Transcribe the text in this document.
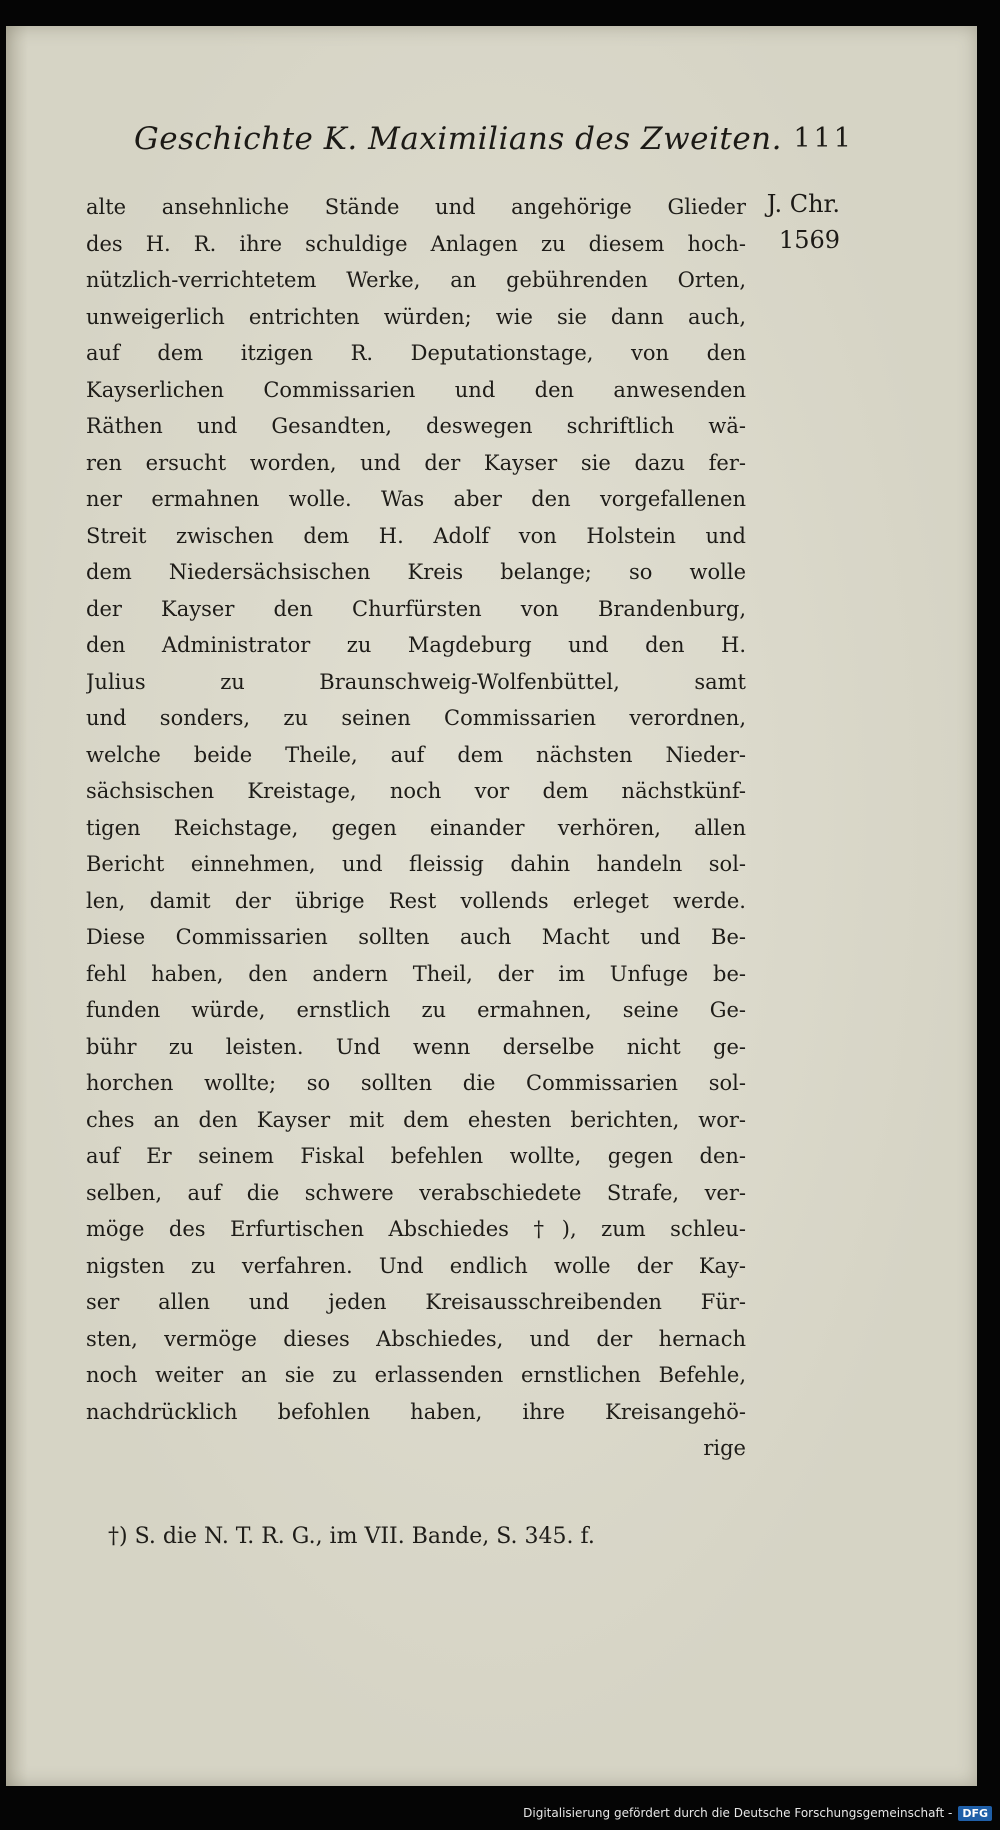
Geschichte K. Maximilians des Zweiten. 111
J. Chr.
1569
alte ansehnliche Stände und angehörige Glieder
des H. R. ihre schuldige Anlagen zu diesem hoch-
nützlich-verrichtetem Werke, an gebührenden Orten,
unweigerlich entrichten würden; wie sie dann auch,
auf dem itzigen R. Deputationstage, von den
Kayserlichen Commissarien und den anwesenden
Räthen und Gesandten, deswegen schriftlich wä-
ren ersucht worden, und der Kayser sie dazu fer-
ner ermahnen wolle. Was aber den vorgefallenen
Streit zwischen dem H. Adolf von Holstein und
dem Niedersächsischen Kreis belange; so wolle
der Kayser den Churfürsten von Brandenburg,
den Administrator zu Magdeburg und den H.
Julius zu Braunschweig-Wolfenbüttel, samt
und sonders, zu seinen Commissarien verordnen,
welche beide Theile, auf dem nächsten Nieder-
sächsischen Kreistage, noch vor dem nächstkünf-
tigen Reichstage, gegen einander verhören, allen
Bericht einnehmen, und fleissig dahin handeln sol-
len, damit der übrige Rest vollends erleget werde.
Diese Commissarien sollten auch Macht und Be-
fehl haben, den andern Theil, der im Unfuge be-
funden würde, ernstlich zu ermahnen, seine Ge-
bühr zu leisten. Und wenn derselbe nicht ge-
horchen wollte; so sollten die Commissarien sol-
ches an den Kayser mit dem ehesten berichten, wor-
auf Er seinem Fiskal befehlen wollte, gegen den-
selben, auf die schwere verabschiedete Strafe, ver-
möge des Erfurtischen Abschiedes †), zum schleu-
nigsten zu verfahren. Und endlich wolle der Kay-
ser allen und jeden Kreisausschreibenden Für-
sten, vermöge dieses Abschiedes, und der hernach
noch weiter an sie zu erlassenden ernstlichen Befehle,
nachdrücklich befohlen haben, ihre Kreisangehö-
rige
†) S. die N. T. R. G., im VII. Bande, S. 345. f.
Digitalisierung gefördert durch die Deutsche Forschungsgemeinschaft - DFG
